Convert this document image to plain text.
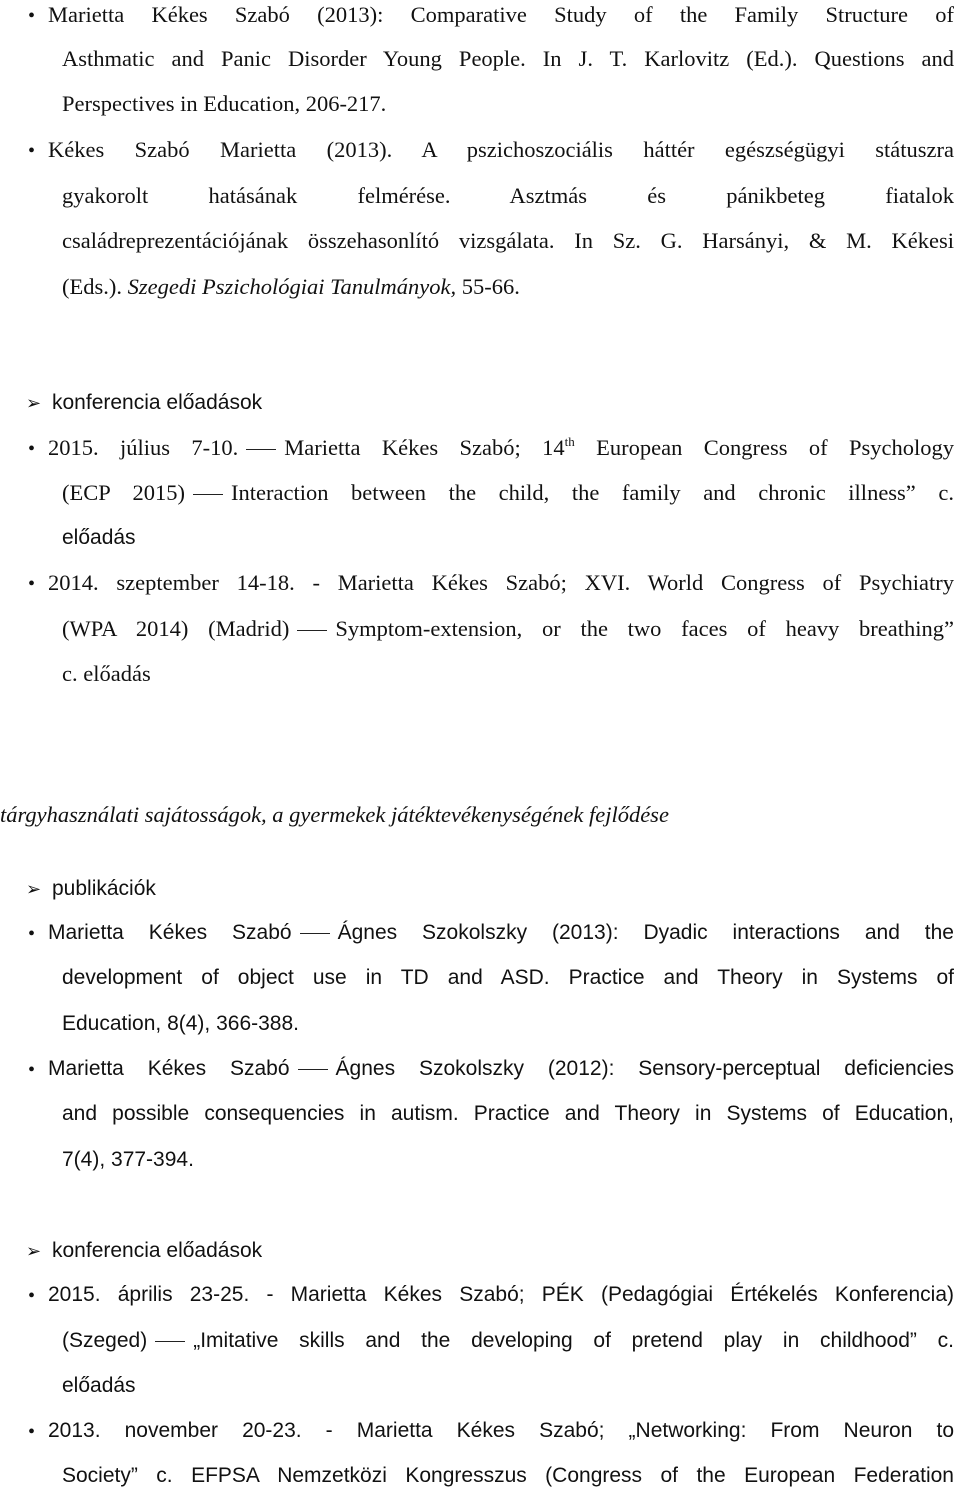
•
Marietta Kékes Szabó (2013): Comparative Study of the Family Structure of
Asthmatic and Panic Disorder Young People. In J. T. Karlovitz (Ed.). Questions and
Perspectives in Education, 206-217.
•
Kékes Szabó Marietta (2013). A pszichoszociális háttér egészségügyi státuszra
gyakorolt hatásának felmérése. Asztmás és pánikbeteg fiatalok
családreprezentációjának összehasonlító vizsgálata. In Sz. G. Harsányi, & M. Kékesi
(Eds.). Szegedi Pszichológiai Tanulmányok, 55-66.
➢ konferencia előadások
•
2015. július 7-10. Marietta Kékes Szabó; 14th European Congress of Psychology
(ECP 2015) Interaction between the child, the family and chronic illness” c.
előadás
•
2014. szeptember 14-18. - Marietta Kékes Szabó; XVI. World Congress of Psychiatry
(WPA 2014) (Madrid) Symptom-extension, or the two faces of heavy breathing”
c. előadás
tárgyhasználati sajátosságok, a gyermekek játéktevékenységének fejlődése
➢ publikációk
•
Marietta Kékes Szabó Ágnes Szokolszky (2013): Dyadic interactions and the
development of object use in TD and ASD. Practice and Theory in Systems of
Education, 8(4), 366-388.
•
Marietta Kékes Szabó Ágnes Szokolszky (2012): Sensory-perceptual deficiencies
and possible consequencies in autism. Practice and Theory in Systems of Education,
7(4), 377-394.
➢ konferencia előadások
•
2015. április 23-25. - Marietta Kékes Szabó; PÉK (Pedagógiai Értékelés Konferencia)
(Szeged) „Imitative skills and the developing of pretend play in childhood” c.
előadás
•
2013. november 20-23. - Marietta Kékes Szabó; „Networking: From Neuron to
Society” c. EFPSA Nemzetközi Kongresszus (Congress of the European Federation
